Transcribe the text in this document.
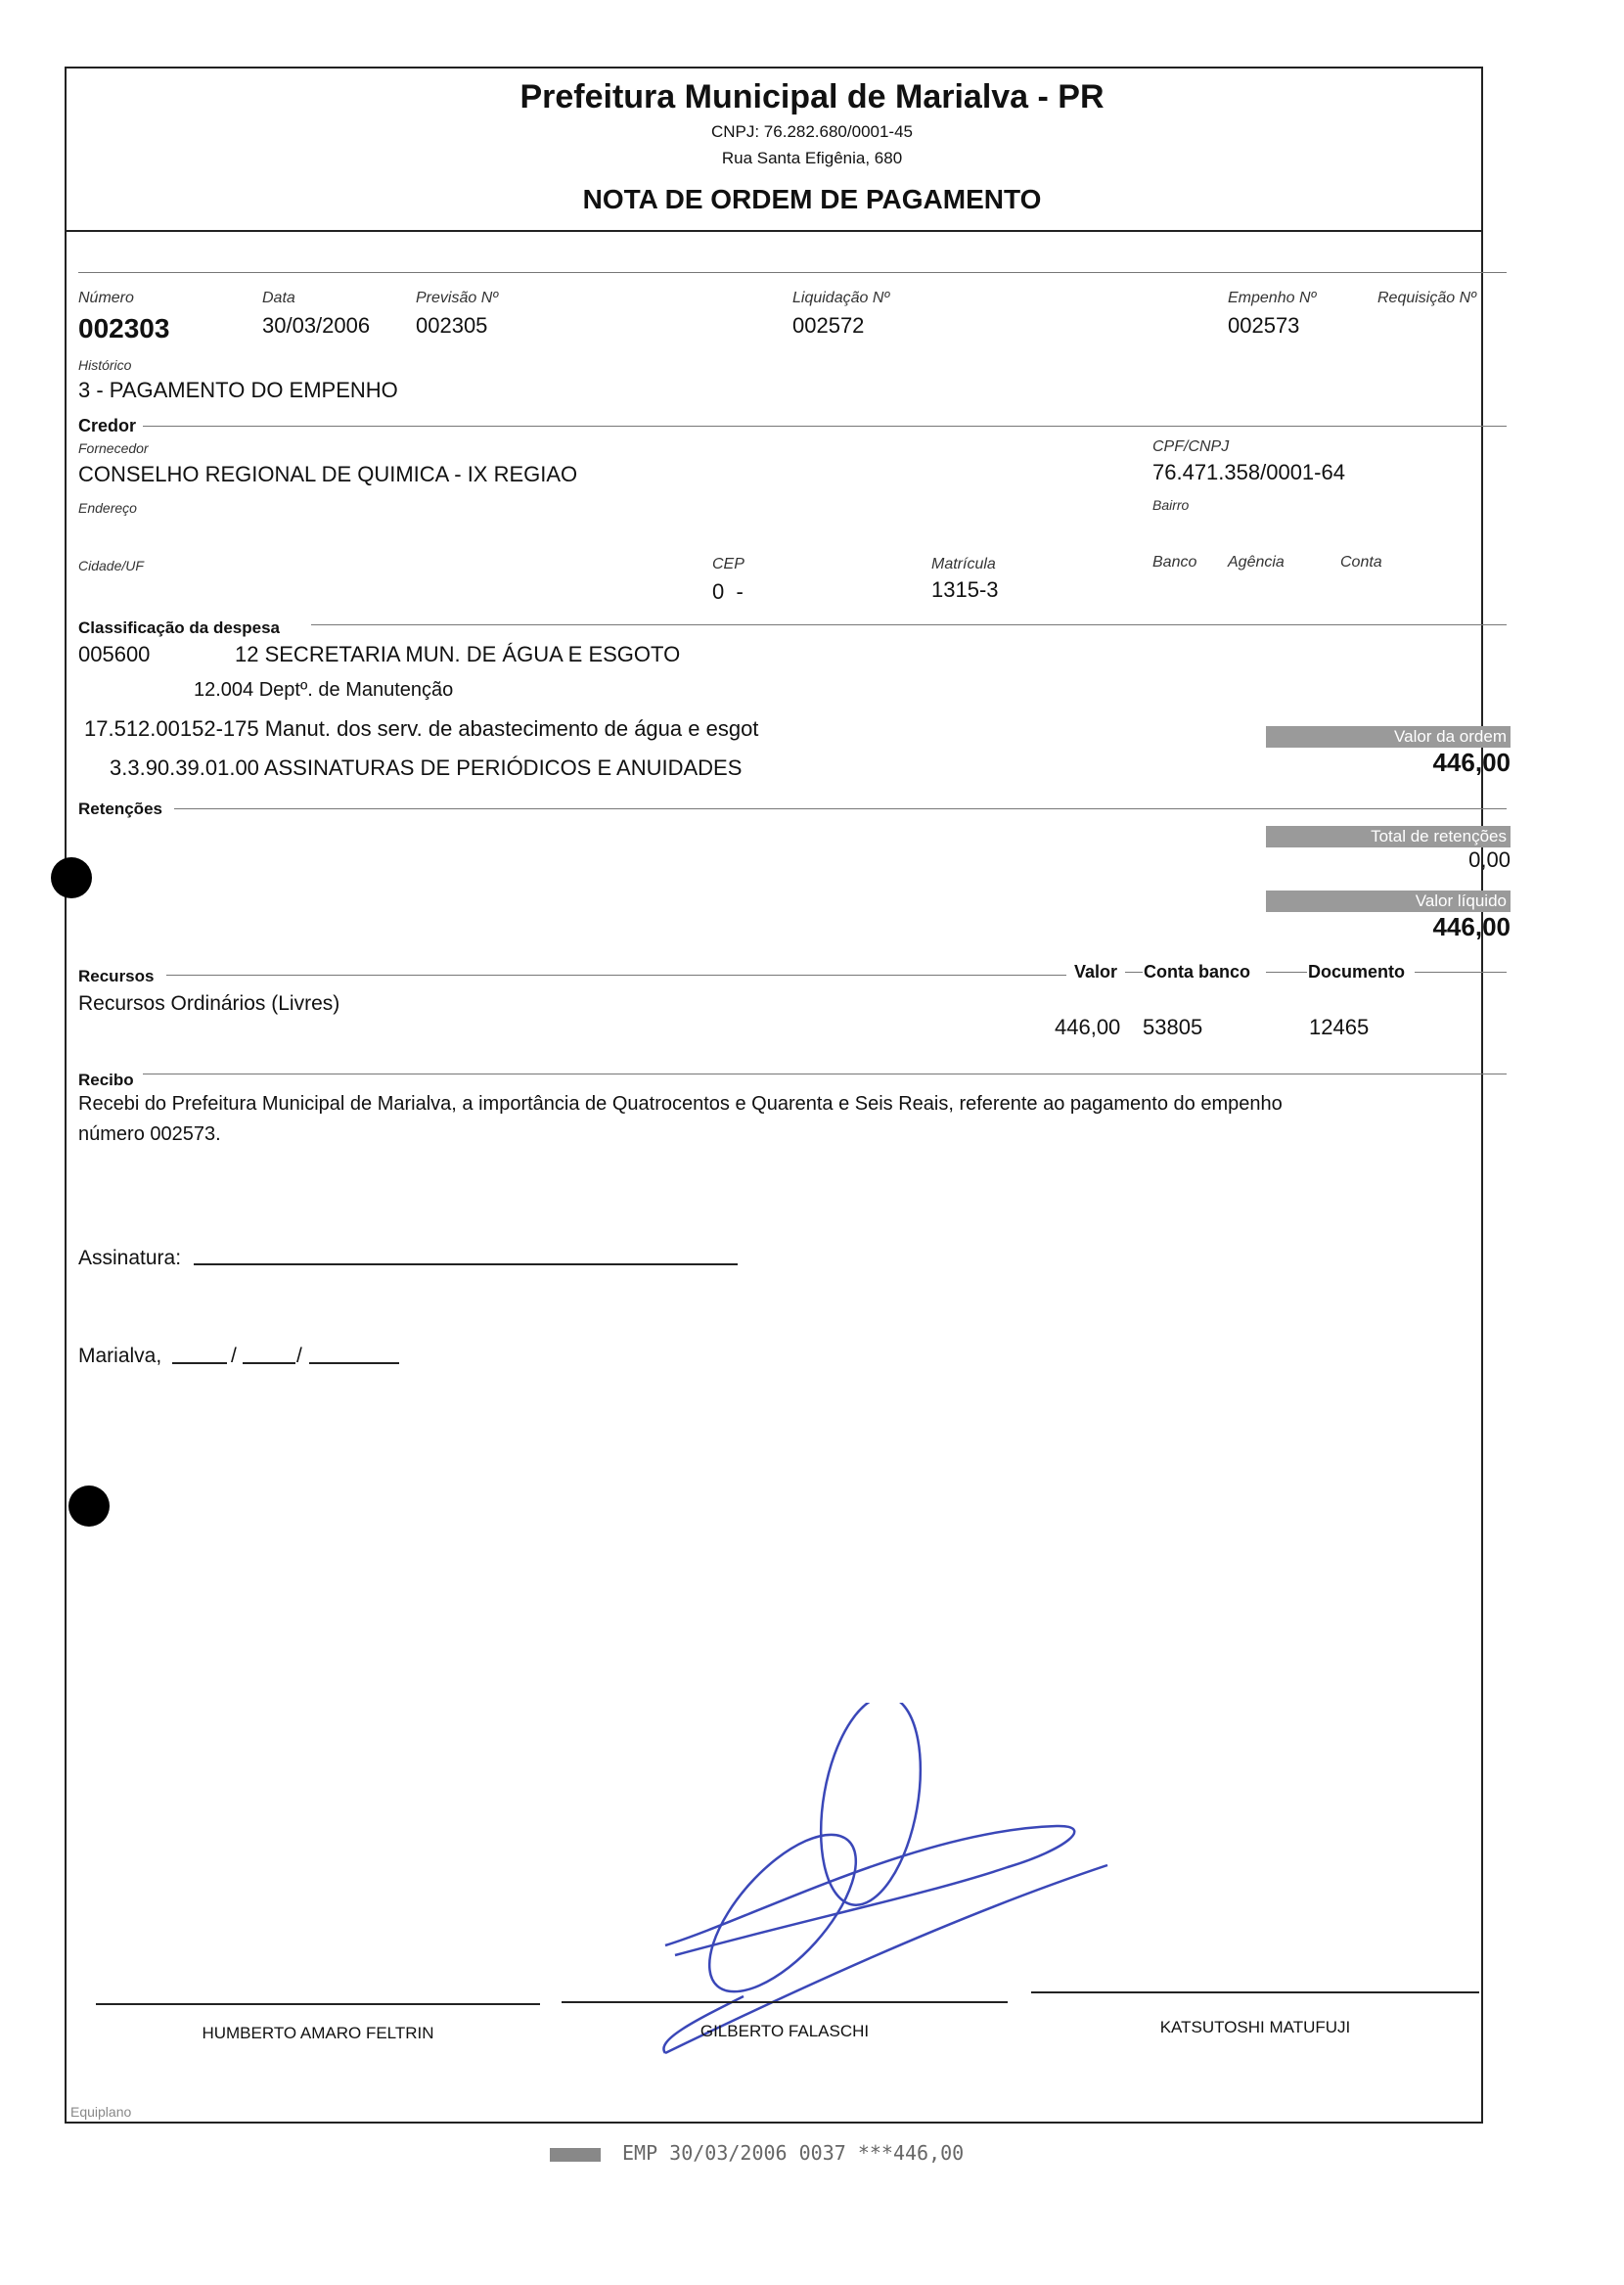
Prefeitura Municipal de Marialva - PR
CNPJ: 76.282.680/0001-45
Rua Santa Efigênia, 680
NOTA DE ORDEM DE PAGAMENTO
Número
002303
Data
30/03/2006
Previsão Nº
002305
Liquidação Nº
002572
Empenho Nº
002573
Requisição Nº
Histórico
3 - PAGAMENTO DO EMPENHO
Credor
Fornecedor
CONSELHO REGIONAL DE QUIMICA - IX REGIAO
CPF/CNPJ
76.471.358/0001-64
Endereço	Bairro
Cidade/UF	CEP
0  -
Matrícula
1315-3
Banco Agência	Conta
Classificação da despesa
005600	12 SECRETARIA MUN. DE ÁGUA E ESGOTO
12.004 Deptº. de Manutenção
17.512.00152-175 Manut. dos serv. de abastecimento de água e esgot
3.3.90.39.01.00 ASSINATURAS DE PERIÓDICOS E ANUIDADES
Valor da ordem
446,00
Retenções
Total de retenções
0,00
Valor líquido
446,00
Recursos	Valor Conta banco	Documento
Recursos Ordinários (Livres)
446,00 53805	12465
Recibo
Recebi do Prefeitura Municipal de Marialva, a importância de Quatrocentos e Quarenta e Seis Reais, referente ao pagamento do empenho
número 002573.
Assinatura:
Marialva,	/	/
HUMBERTO AMARO FELTRIN	GILBERTO FALASCHI	KATSUTOSHI MATUFUJI
Equiplano
EMP 30/03/2006 0037 ***446,00
